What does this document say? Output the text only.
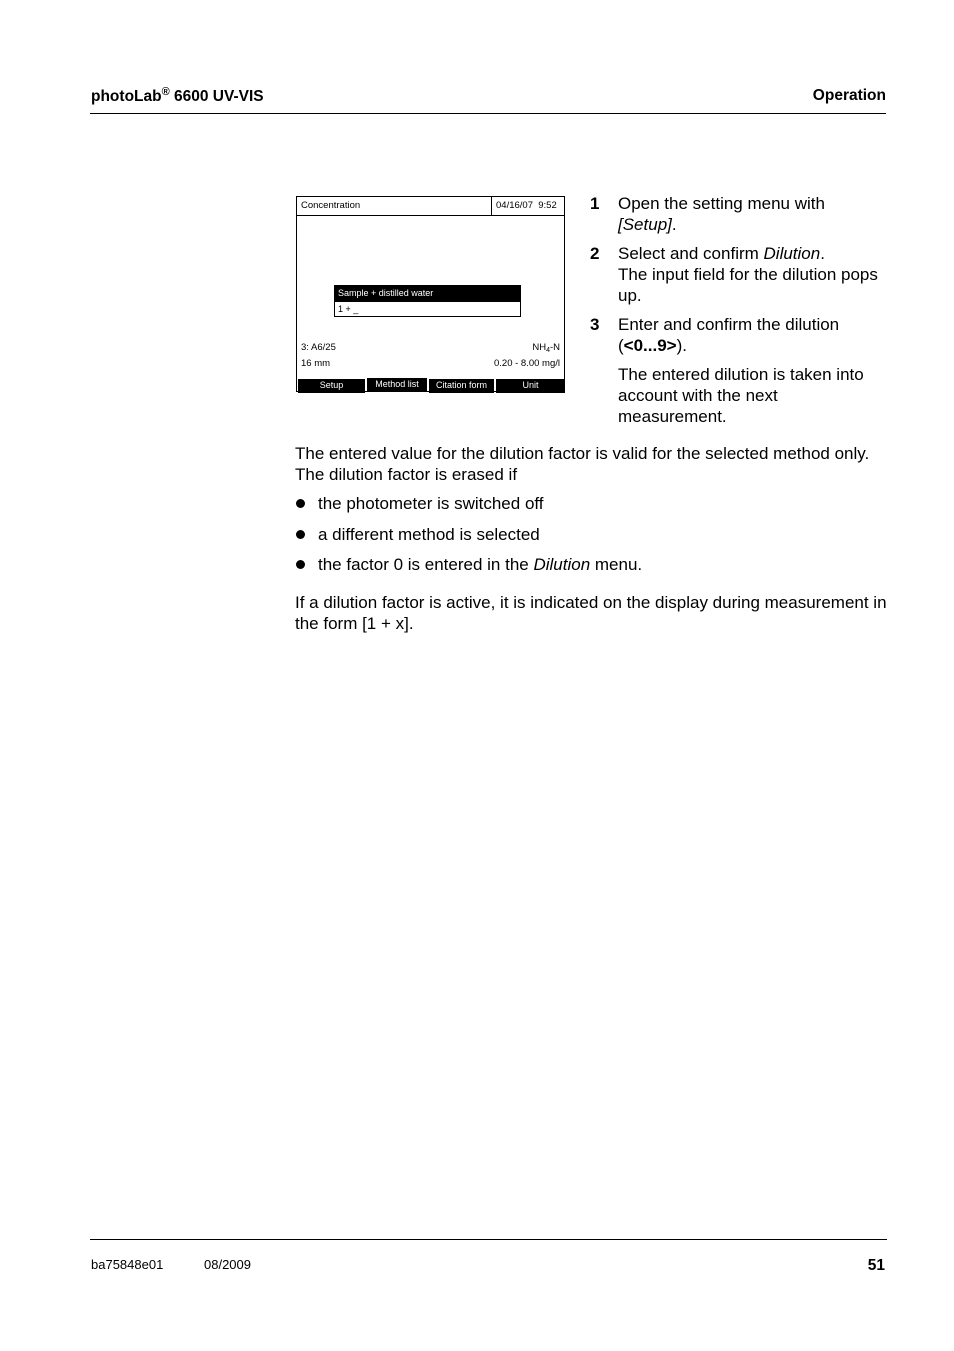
photoLab® 6600 UV-VIS	Operation
Concentration	04/16/07  9:52
Sample + distilled water
1 + _
3: A6/25	$NH_4-N$
16 mm	0.20 - 8.00 mg/l
Setup	Method list	Citation form	Unit
1 Open the setting menu with [Setup].
2 Select and confirm Dilution.
The input field for the dilution pops up.
3 Enter and confirm the dilution (<0...9>).
The entered dilution is taken into account with the next measurement.
The entered value for the dilution factor is valid for the selected method only. The dilution factor is erased if
the photometer is switched off
a different method is selected
the factor 0 is entered in the Dilution menu.
If a dilution factor is active, it is indicated on the display during measurement in the form [1 + x].
ba75848e01	08/2009	51
